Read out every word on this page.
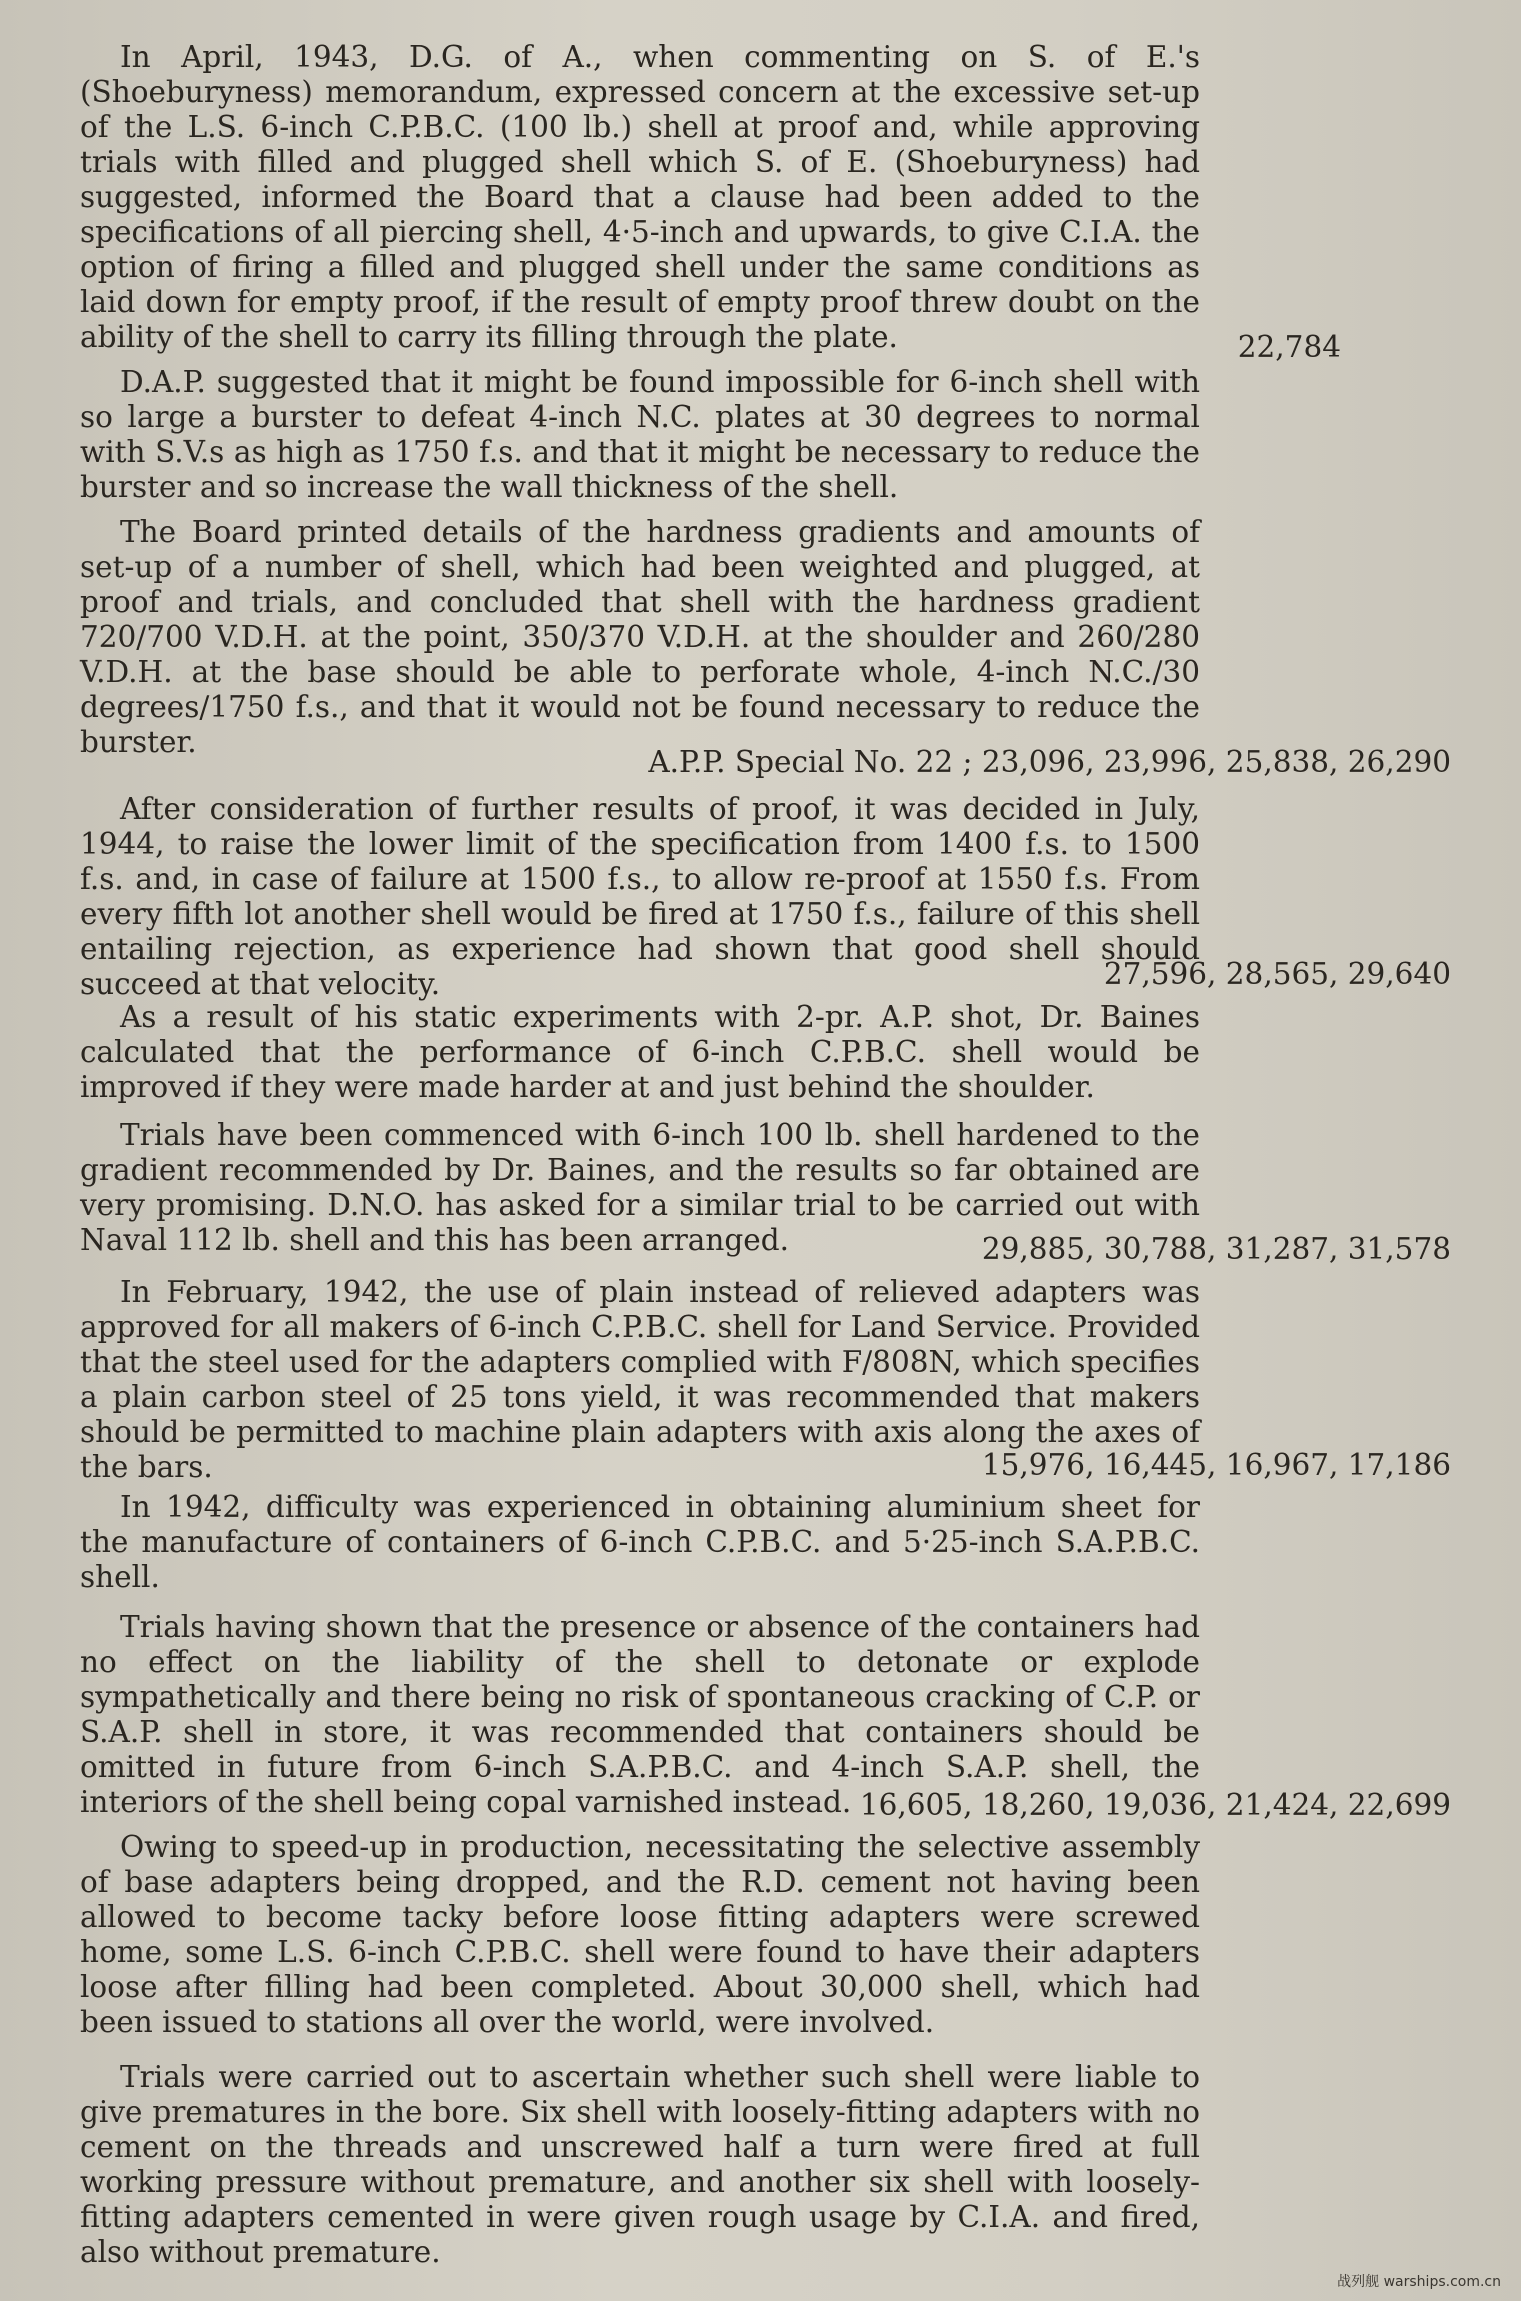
In April, 1943, D.G. of A., when commenting on S. of E.'s (Shoeburyness) memorandum, expressed concern at the excessive set-up of the L.S. 6-inch C.P.B.C. (100 lb.) shell at proof and, while approving trials with filled and plugged shell which S. of E. (Shoeburyness) had suggested, informed the Board that a clause had been added to the specifications of all piercing shell, 4·5-inch and upwards, to give C.I.A. the option of firing a filled and plugged shell under the same conditions as laid down for empty proof, if the result of empty proof threw doubt on the ability of the shell to carry its filling through the plate.	22,784
D.A.P. suggested that it might be found impossible for 6-inch shell with so large a burster to defeat 4-inch N.C. plates at 30 degrees to normal with S.V.s as high as 1750 f.s. and that it might be necessary to reduce the burster and so increase the wall thickness of the shell.
The Board printed details of the hardness gradients and amounts of set-up of a number of shell, which had been weighted and plugged, at proof and trials, and concluded that shell with the hardness gradient 720/700 V.D.H. at the point, 350/370 V.D.H. at the shoulder and 260/280 V.D.H. at the base should be able to perforate whole, 4-inch N.C./30 degrees/1750 f.s., and that it would not be found necessary to reduce the burster.
A.P.P. Special No. 22 ; 23,096, 23,996, 25,838, 26,290
After consideration of further results of proof, it was decided in July, 1944, to raise the lower limit of the specification from 1400 f.s. to 1500 f.s. and, in case of failure at 1500 f.s., to allow re-proof at 1550 f.s. From every fifth lot another shell would be fired at 1750 f.s., failure of this shell entailing rejection, as experience had shown that good shell should succeed at that velocity.	27,596, 28,565, 29,640
As a result of his static experiments with 2-pr. A.P. shot, Dr. Baines calculated that the performance of 6-inch C.P.B.C. shell would be improved if they were made harder at and just behind the shoulder.
Trials have been commenced with 6-inch 100 lb. shell hardened to the gradient recommended by Dr. Baines, and the results so far obtained are very promising. D.N.O. has asked for a similar trial to be carried out with Naval 112 lb. shell and this has been arranged.	29,885, 30,788, 31,287, 31,578
In February, 1942, the use of plain instead of relieved adapters was approved for all makers of 6-inch C.P.B.C. shell for Land Service. Provided that the steel used for the adapters complied with F/808N, which specifies a plain carbon steel of 25 tons yield, it was recommended that makers should be permitted to machine plain adapters with axis along the axes of the bars.	15,976, 16,445, 16,967, 17,186
In 1942, difficulty was experienced in obtaining aluminium sheet for the manufacture of containers of 6-inch C.P.B.C. and 5·25-inch S.A.P.B.C. shell.
Trials having shown that the presence or absence of the containers had no effect on the liability of the shell to detonate or explode sympathetically and there being no risk of spontaneous cracking of C.P. or S.A.P. shell in store, it was recommended that containers should be omitted in future from 6-inch S.A.P.B.C. and 4-inch S.A.P. shell, the interiors of the shell being copal varnished instead. 16,605, 18,260, 19,036, 21,424, 22,699
Owing to speed-up in production, necessitating the selective assembly of base adapters being dropped, and the R.D. cement not having been allowed to become tacky before loose fitting adapters were screwed home, some L.S. 6-inch C.P.B.C. shell were found to have their adapters loose after filling had been completed. About 30,000 shell, which had been issued to stations all over the world, were involved.
Trials were carried out to ascertain whether such shell were liable to give prematures in the bore. Six shell with loosely-fitting adapters with no cement on the threads and unscrewed half a turn were fired at full working pressure without premature, and another six shell with loosely-fitting adapters cemented in were given rough usage by C.I.A. and fired, also without premature.
战列舰 warships.com.cn
